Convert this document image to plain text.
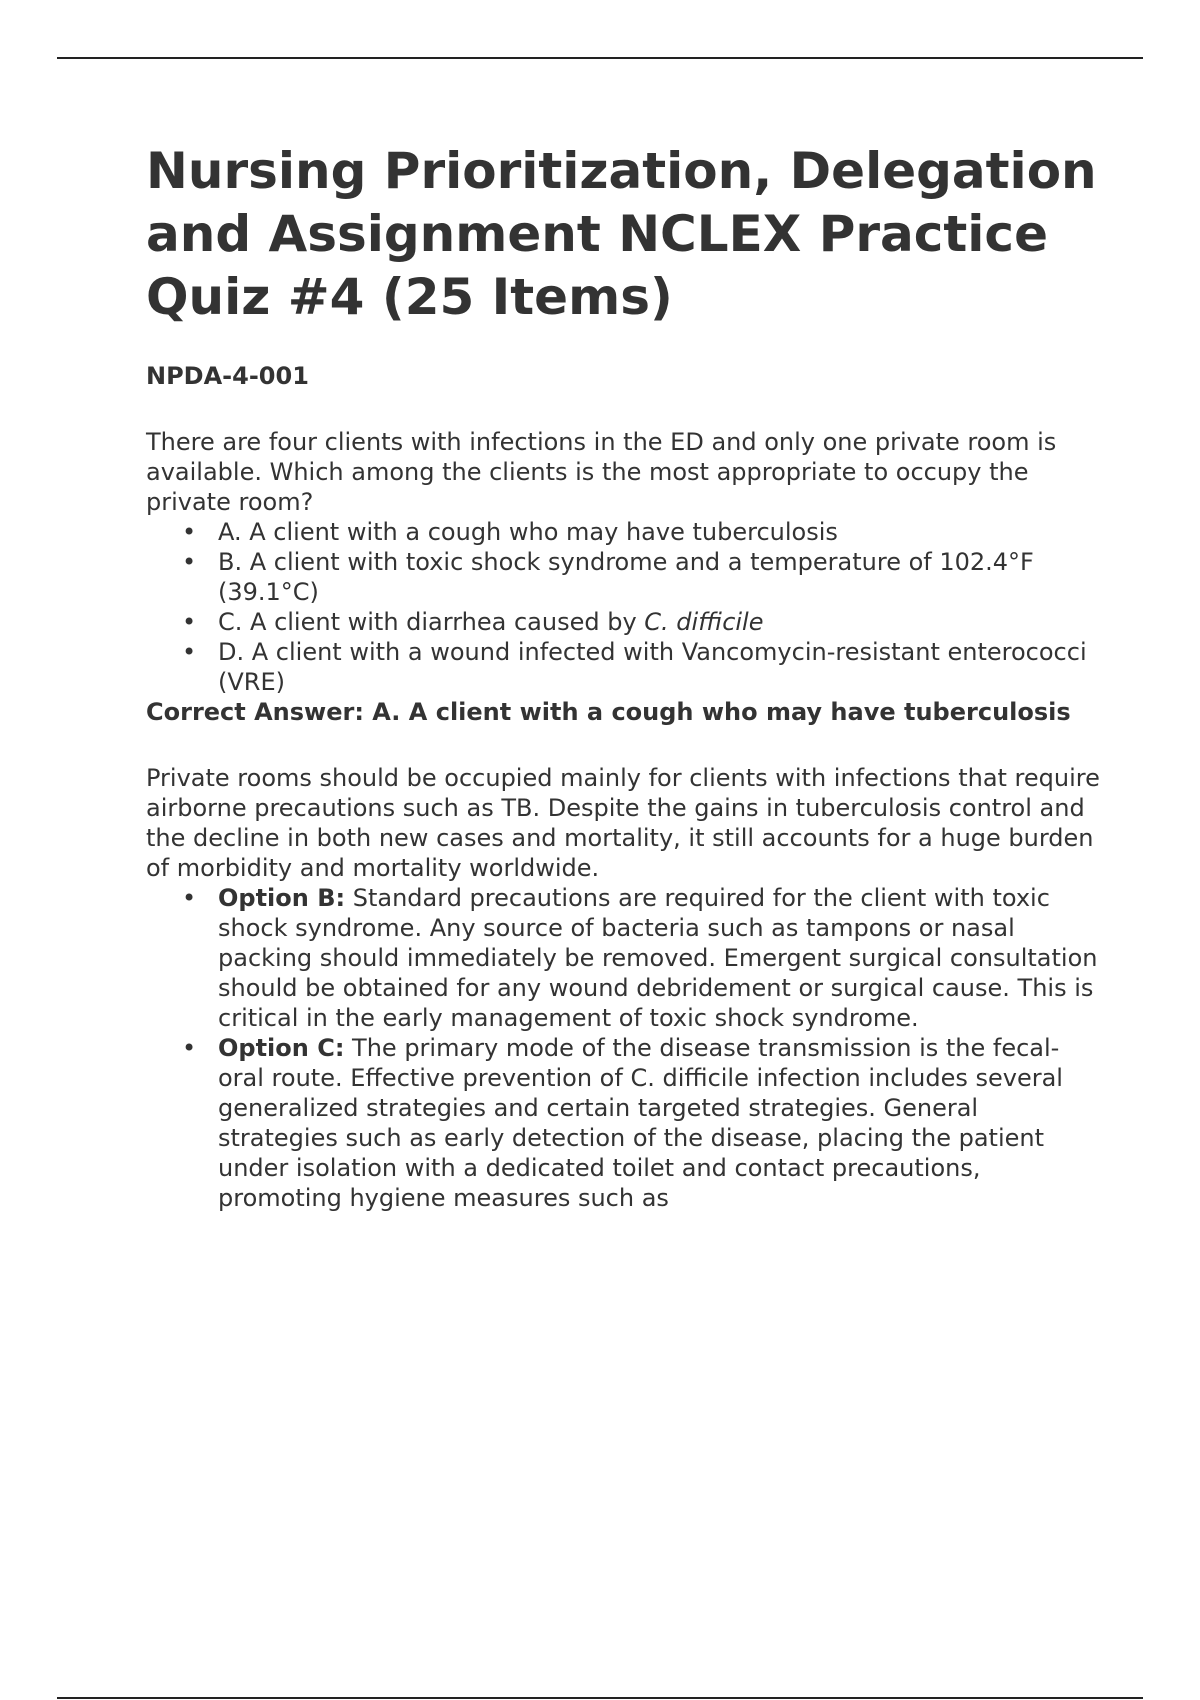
Nursing Prioritization, Delegation and Assignment NCLEX Practice Quiz #4 (25 Items)

NPDA-4-001

There are four clients with infections in the ED and only one private room is available. Which among the clients is the most appropriate to occupy the private room?

• A. A client with a cough who may have tuberculosis
• B. A client with toxic shock syndrome and a temperature of 102.4°F (39.1°C)
• C. A client with diarrhea caused by C. difficile
• D. A client with a wound infected with Vancomycin-resistant enterococci (VRE)

Correct Answer: A. A client with a cough who may have tuberculosis

Private rooms should be occupied mainly for clients with infections that require airborne precautions such as TB. Despite the gains in tuberculosis control and the decline in both new cases and mortality, it still accounts for a huge burden of morbidity and mortality worldwide.

• Option B: Standard precautions are required for the client with toxic shock syndrome. Any source of bacteria such as tampons or nasal packing should immediately be removed. Emergent surgical consultation should be obtained for any wound debridement or surgical cause. This is critical in the early management of toxic shock syndrome.
• Option C: The primary mode of the disease transmission is the fecal-oral route. Effective prevention of C. difficile infection includes several generalized strategies and certain targeted strategies. General strategies such as early detection of the disease, placing the patient under isolation with a dedicated toilet and contact precautions, promoting hygiene measures such as
